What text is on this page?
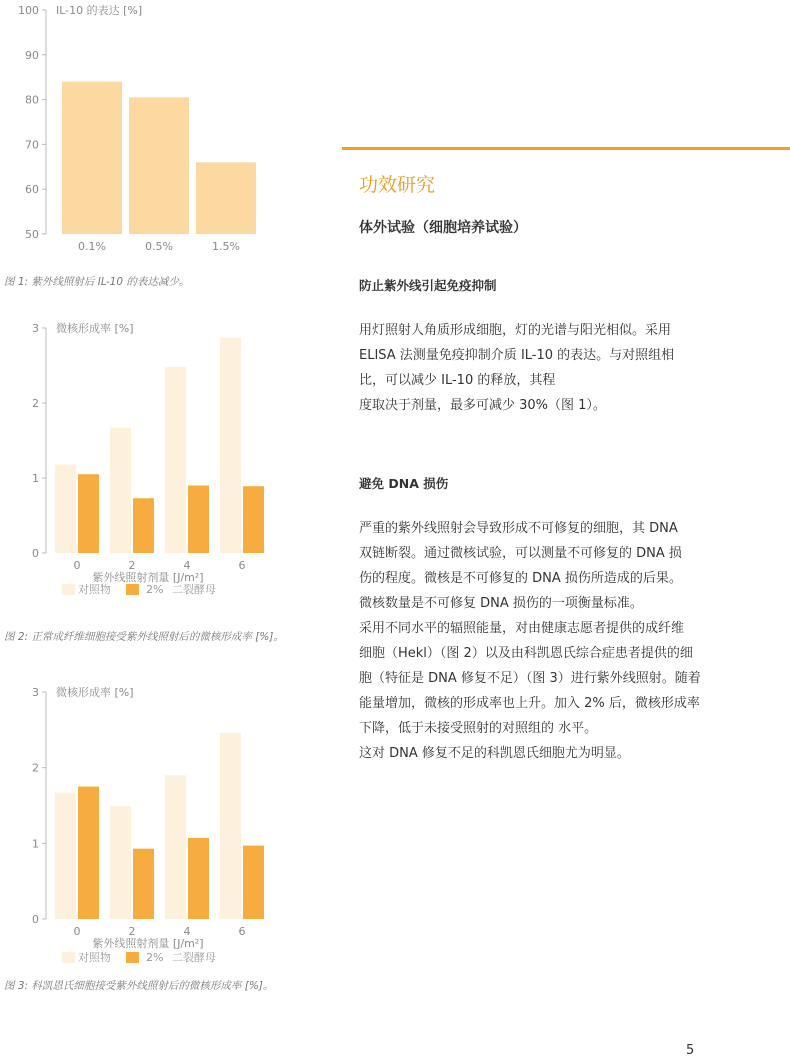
50
60
70
80
90
100 IL-10 的表达 [%]
0.1%	0.5%	1.5%
图 1: 紫外线照射后 IL-10 的表达减少。
0
1
2
3 微核形成率 [%]
0	2	4	6
紫外线照射剂量 [J/m²]
对照物	2% 二裂酵母
图 2: 正常成纤维细胞接受紫外线照射后的微核形成率 [%]。
0
1
2
3 微核形成率 [%]
0	2	4	6
紫外线照射剂量 [J/m²]
对照物	2% 二裂酵母
图 3: 科凯恩氏细胞接受紫外线照射后的微核形成率 [%]。
功效研究
体外试验（细胞培养试验）
防止紫外线引起免疫抑制
用灯照射人角质形成细胞，灯的光谱与阳光相似。采用
ELISA 法测量免疫抑制介质 IL-10 的表达。与对照组相
比，可以减少 IL-10 的释放，其程
度取决于剂量，最多可减少 30%（图 1）。
避免 DNA 损伤
严重的紫外线照射会导致形成不可修复的细胞，其 DNA
双链断裂。通过微核试验，可以测量不可修复的 DNA 损
伤的程度。微核是不可修复的 DNA 损伤所造成的后果。
微核数量是不可修复 DNA 损伤的一项衡量标准。
采用不同水平的辐照能量，对由健康志愿者提供的成纤维
细胞（Hekl）（图 2）以及由科凯恩氏综合症患者提供的细
胞（特征是 DNA 修复不足）（图 3）进行紫外线照射。随着
能量增加，微核的形成率也上升。加入 2% 后，微核形成率
下降，低于未接受照射的对照组的 水平。
这对 DNA 修复不足的科凯恩氏细胞尤为明显。
5
